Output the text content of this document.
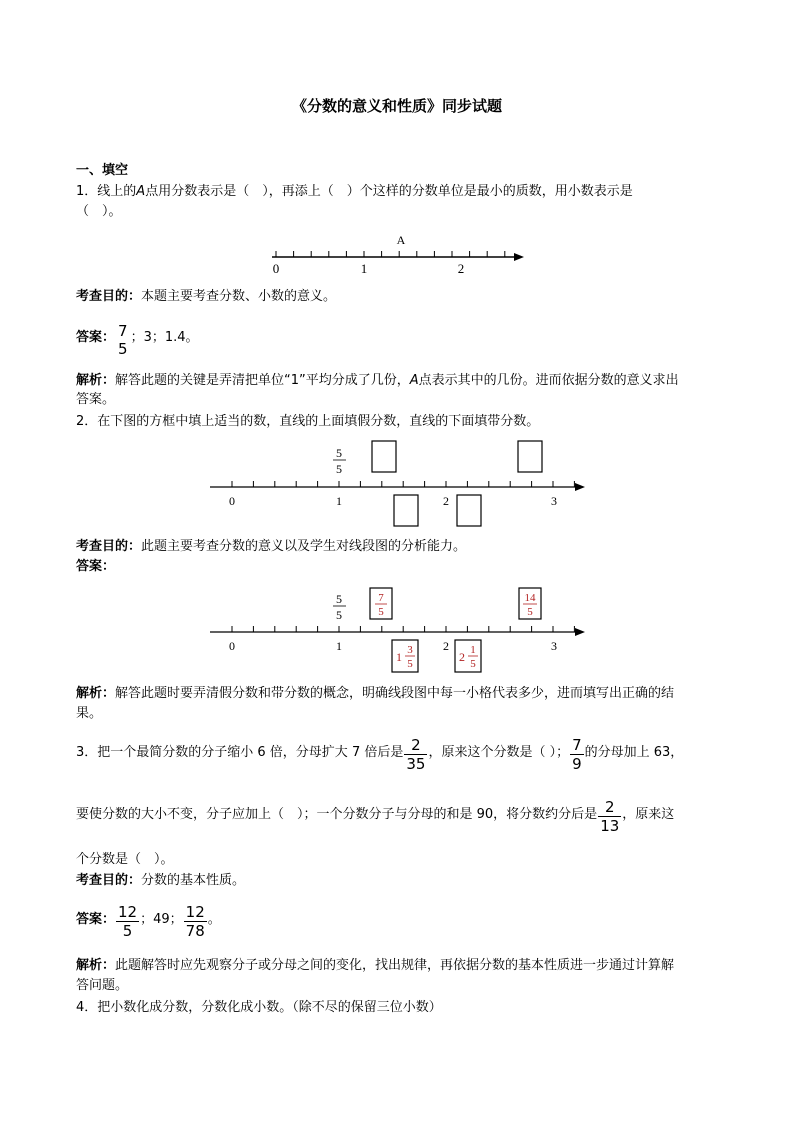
《分数的意义和性质》同步试题
一、填空
1．线上的A点用分数表示是（　），再添上（　）个这样的分数单位是最小的质数，用小数表示是
（　）。
0	1	2
A
考查目的：本题主要考查分数、小数的意义。
答案： 7
5
；3；1.4。
解析：解答此题的关键是弄清把单位“1”平均分成了几份，A点表示其中的几份。进而依据分数的意义求出
答案。
2．在下图的方框中填上适当的数，直线的上面填假分数，直线的下面填带分数。
0	1	2	3
5
5
考查目的：此题主要考查分数的意义以及学生对线段图的分析能力。
答案：
0	1	2	3
5
5
7
5
14
5
1 3
5	2 1
5
解析：解答此题时要弄清假分数和带分数的概念，明确线段图中每一小格代表多少，进而填写出正确的结
果。
3．把一个最简分数的分子缩小 6 倍，分母扩大 7 倍后是 $\frac{2}{35}$ ，原来这个分数是（ ）； $\frac{7}{9}$ 的分母加上 63，
要使分数的大小不变，分子应加上（　）；一个分数分子与分母的和是 90，将分数约分后是 $\frac{2}{13}$ ，原来这
个分数是（　）。
考查目的：分数的基本性质。
答案： $\frac{12}{5}$ ；49； $\frac{12}{78}$ 。
解析：此题解答时应先观察分子或分母之间的变化，找出规律，再依据分数的基本性质进一步通过计算解
答问题。
4．把小数化成分数，分数化成小数。（除不尽的保留三位小数）
